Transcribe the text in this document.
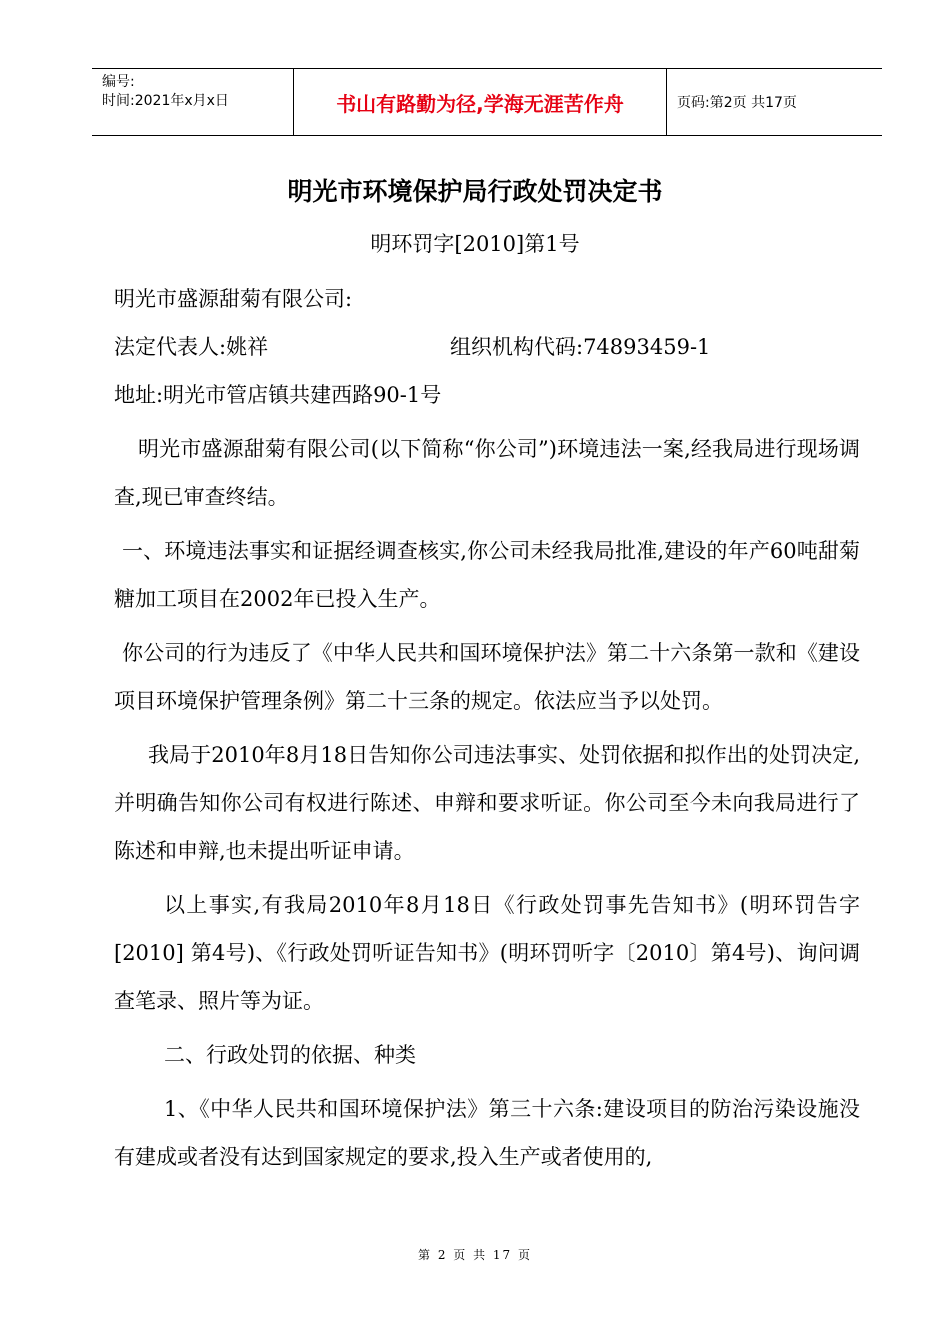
编号:
时间:2021年x月x日	书山有路勤为径,学海无涯苦作舟	页码:第2页 共17页
明光市环境保护局行政处罚决定书
明环罚字[2010]第1号
明光市盛源甜菊有限公司:
法定代表人:姚祥	组织机构代码:74893459-1
地址:明光市管店镇共建西路90-1号
明光市盛源甜菊有限公司(以下简称“你公司”)环境违法一案,经我局进行现场调查,现已审查终结。
一、环境违法事实和证据经调查核实,你公司未经我局批准,建设的年产60吨甜菊糖加工项目在2002年已投入生产。
你公司的行为违反了《中华人民共和国环境保护法》第二十六条第一款和《建设项目环境保护管理条例》第二十三条的规定。依法应当予以处罚。
我局于2010年8月18日告知你公司违法事实、处罚依据和拟作出的处罚决定,并明确告知你公司有权进行陈述、申辩和要求听证。你公司至今未向我局进行了陈述和申辩,也未提出听证申请。
以上事实,有我局2010年8月18日《行政处罚事先告知书》(明环罚告字[2010] 第4号)、《行政处罚听证告知书》(明环罚听字〔2010〕第4号)、询问调查笔录、照片等为证。
二、行政处罚的依据、种类
1、《中华人民共和国环境保护法》第三十六条:建设项目的防治污染设施没有建成或者没有达到国家规定的要求,投入生产或者使用的,
第 2 页 共 17 页
